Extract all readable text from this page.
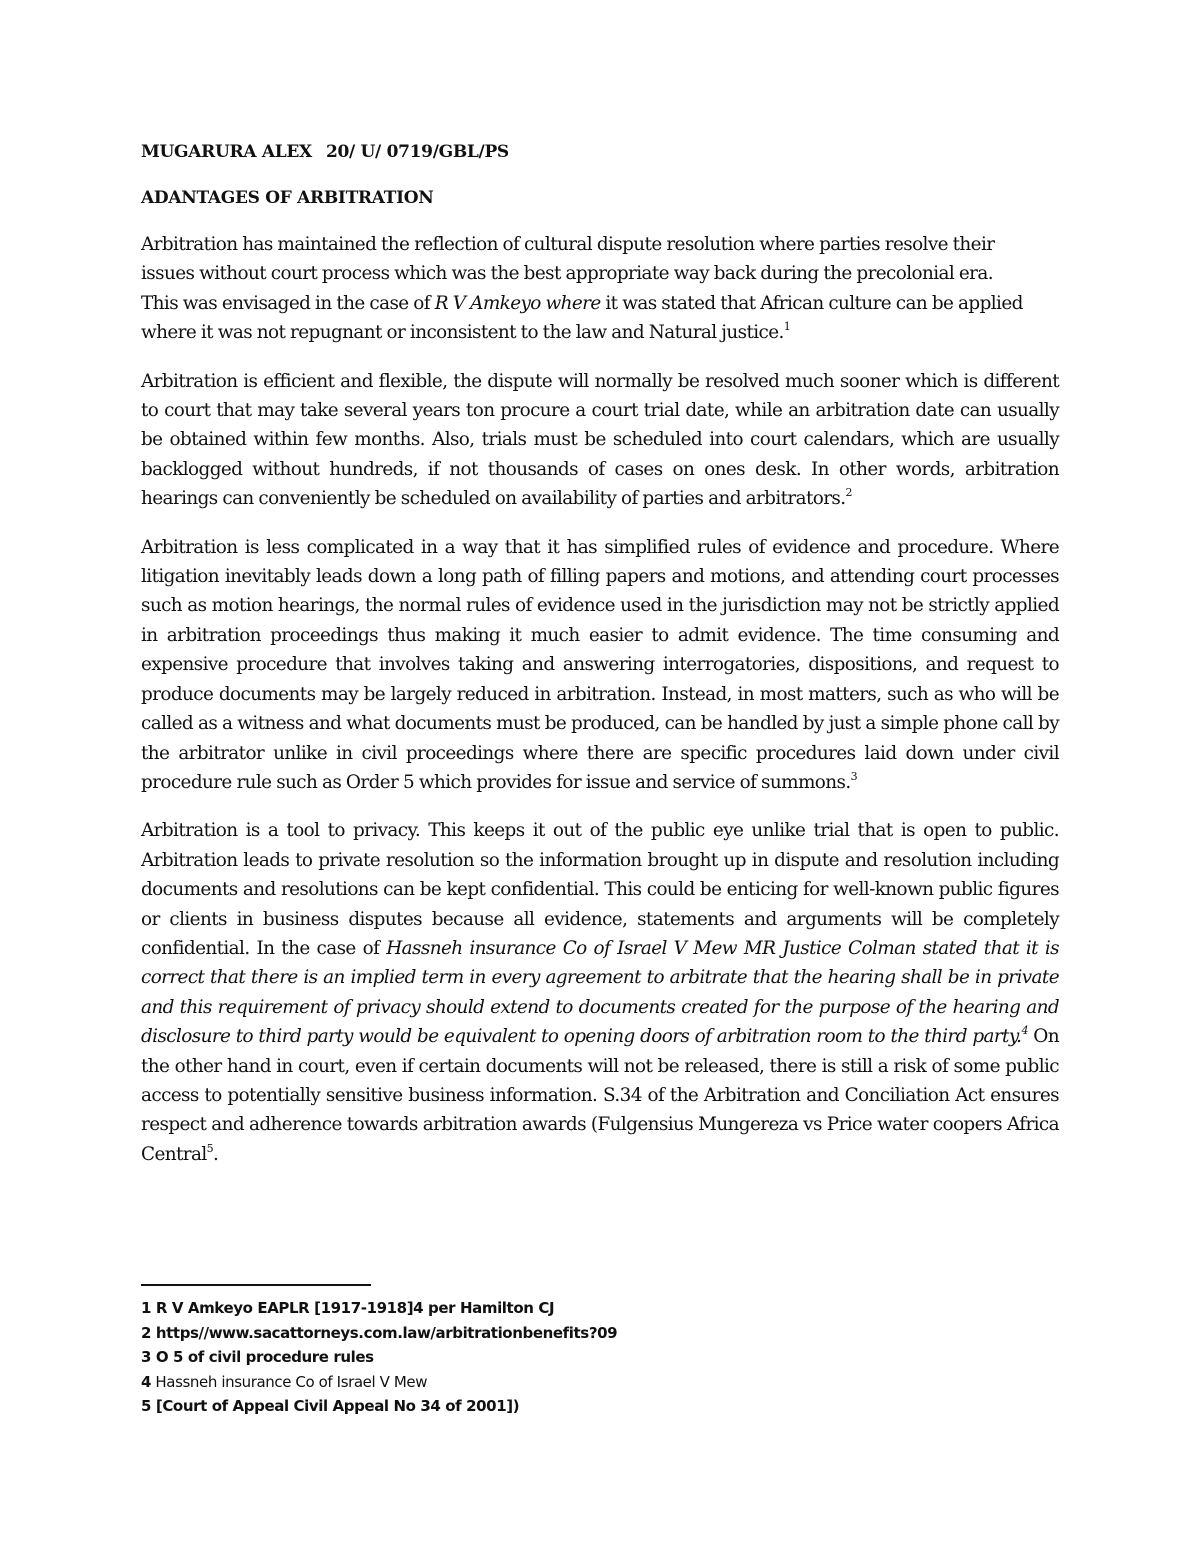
MUGARURA ALEX 20/ U/ 0719/GBL/PS
ADANTAGES OF ARBITRATION

Arbitration has maintained the reflection of cultural dispute resolution where parties resolve their
issues without court process which was the best appropriate way back during the precolonial era.
This was envisaged in the case of R V Amkeyo where it was stated that African culture can be applied where it was not repugnant or inconsistent to the law and Natural justice.$^1$

Arbitration is efficient and flexible, the dispute will normally be resolved much sooner which is different to court that may take several years ton procure a court trial date, while an arbitration date can usually be obtained within few months. Also, trials must be scheduled into court calendars, which are usually backlogged without hundreds, if not thousands of cases on ones desk. In other words, arbitration hearings can conveniently be scheduled on availability of parties and arbitrators.$^2$

Arbitration is less complicated in a way that it has simplified rules of evidence and procedure. Where litigation inevitably leads down a long path of filling papers and motions, and attending court processes such as motion hearings, the normal rules of evidence used in the jurisdiction may not be strictly applied in arbitration proceedings thus making it much easier to admit evidence. The time consuming and expensive procedure that involves taking and answering interrogatories, dispositions, and request to produce documents may be largely reduced in arbitration. Instead, in most matters, such as who will be called as a witness and what documents must be produced, can be handled by just a simple phone call by the arbitrator unlike in civil proceedings where there are specific procedures laid down under civil procedure rule such as Order 5 which provides for issue and service of summons.$^3$

Arbitration is a tool to privacy. This keeps it out of the public eye unlike trial that is open to public. Arbitration leads to private resolution so the information brought up in dispute and resolution including documents and resolutions can be kept confidential. This could be enticing for well-known public figures or clients in business disputes because all evidence, statements and arguments will be completely confidential. In the case of Hassneh insurance Co of Israel V Mew MR Justice Colman stated that it is correct that there is an implied term in every agreement to arbitrate that the hearing shall be in private and this requirement of privacy should extend to documents created for the purpose of the hearing and disclosure to third party would be equivalent to opening doors of arbitration room to the third party.$^4$ On the other hand in court, even if certain documents will not be released, there is still a risk of some public access to potentially sensitive business information. S.34 of the Arbitration and Conciliation Act ensures respect and adherence towards arbitration awards (Fulgensius Mungereza vs Price water coopers Africa Central$^5$.

1 R V Amkeyo EAPLR [1917-1918]4 per Hamilton CJ
2 https//www.sacattorneys.com.law/arbitrationbenefits?09
3 O 5 of civil procedure rules
4 Hassneh insurance Co of Israel V Mew
5 [Court of Appeal Civil Appeal No 34 of 2001])
